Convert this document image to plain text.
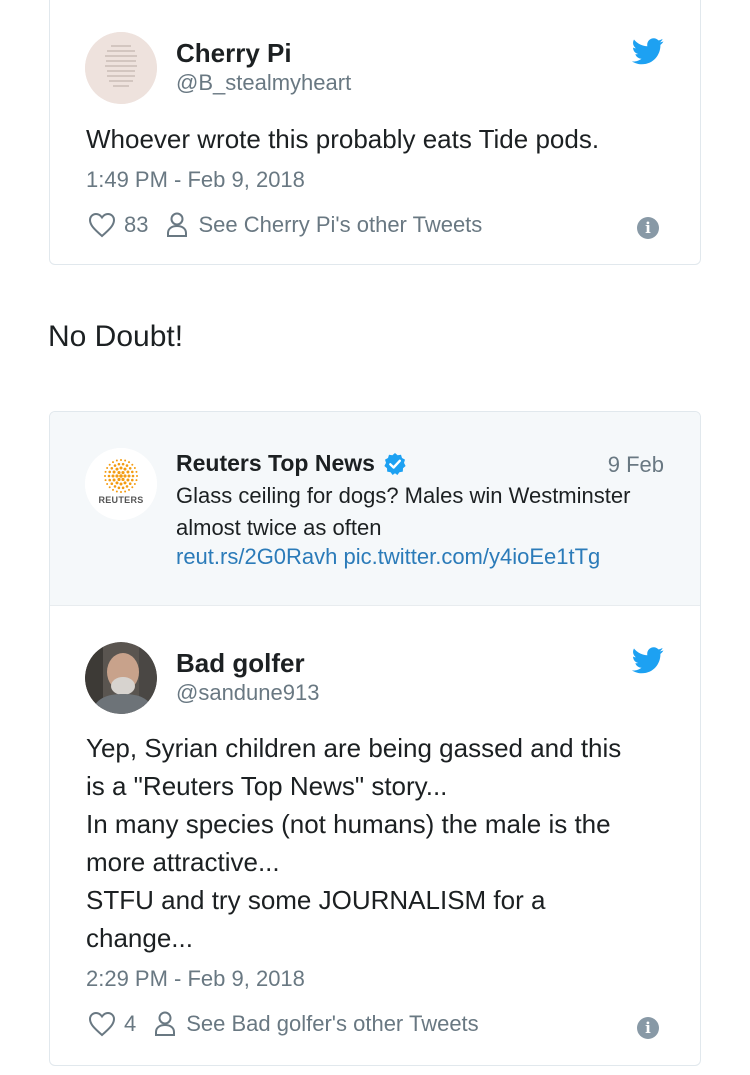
Cherry Pi
@B_stealmyheart
Whoever wrote this probably eats Tide pods.
1:49 PM - Feb 9, 2018
83 See Cherry Pi's other Tweets	i
No Doubt!
REUTERS
Reuters Top News	9 Feb
Glass ceiling for dogs? Males win Westminster almost twice as often
reut.rs/2G0Ravh pic.twitter.com/y4ioEe1tTg
Bad golfer
@sandune913
Yep, Syrian children are being gassed and this
is a "Reuters Top News" story...
In many species (not humans) the male is the
more attractive...
STFU and try some JOURNALISM for a
change...
2:29 PM - Feb 9, 2018
4 See Bad golfer's other Tweets	i
